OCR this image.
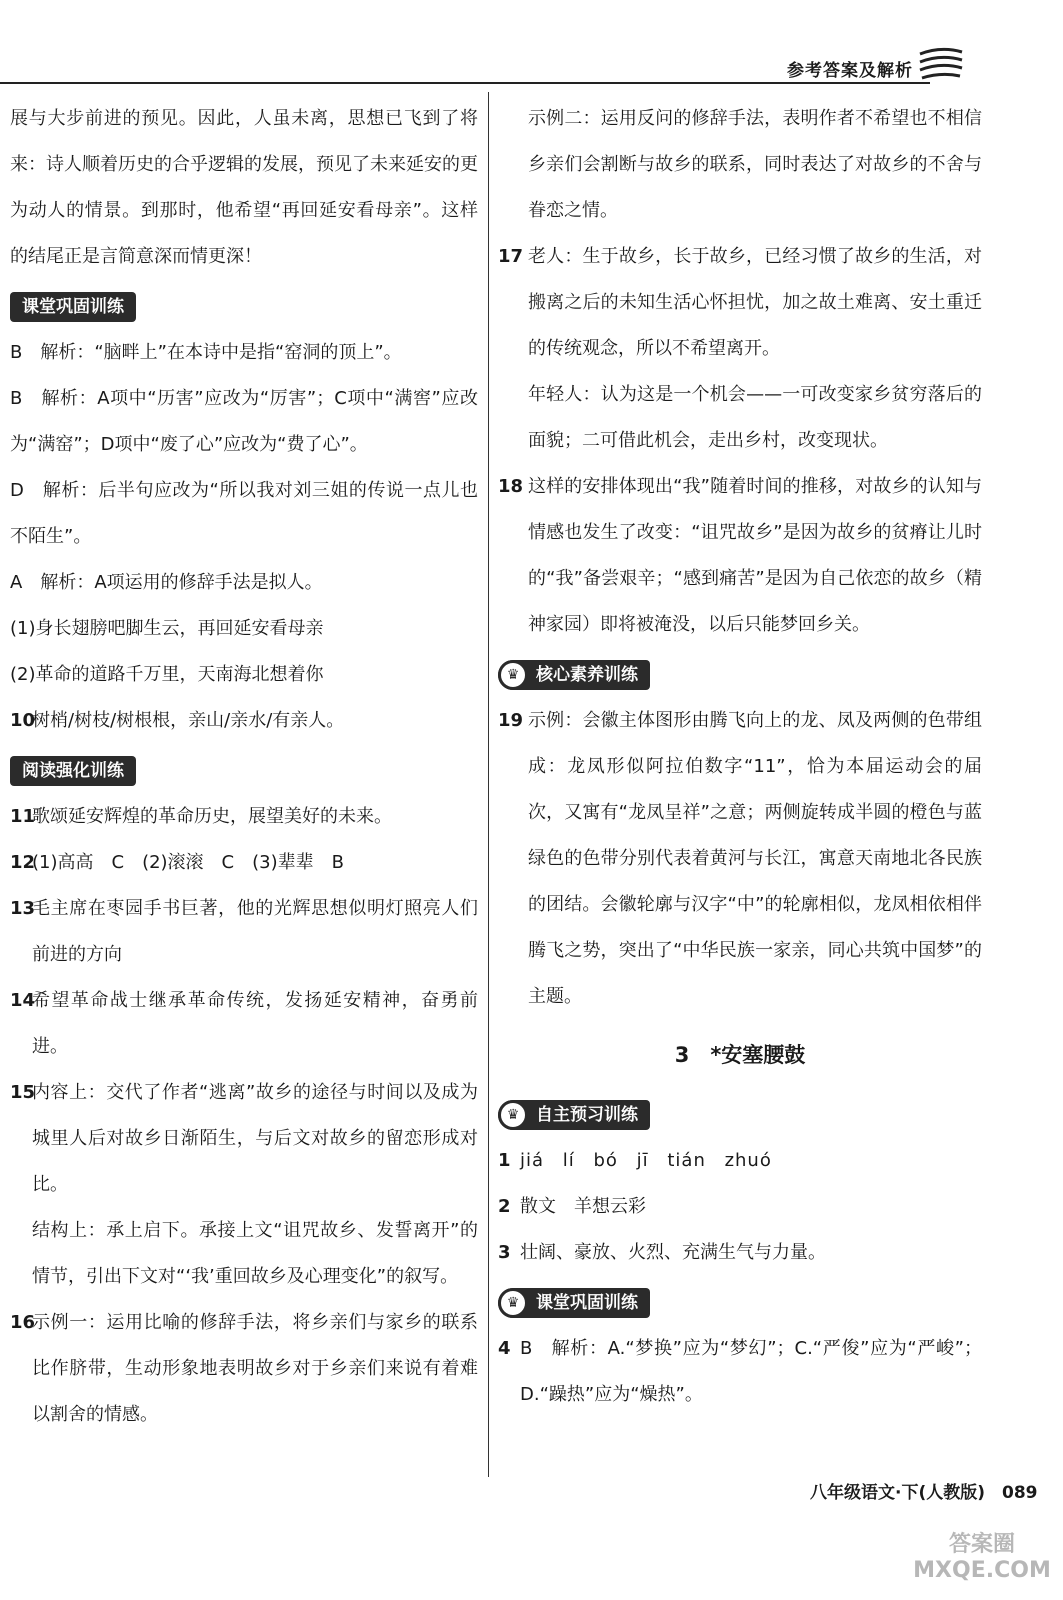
参考答案及解析

展与大步前进的预见。因此，人虽未离，思想已飞到了将来：诗人顺着历史的合乎逻辑的发展，预见了未来延安的更为动人的情景。到那时，他希望“再回延安看母亲”。这样的结尾正是言简意深而情更深！

课堂巩固训练

B　解析：“脑畔上”在本诗中是指“窑洞的顶上”。

B　解析：A项中“历害”应改为“厉害”；C项中“满窖”应改为“满窑”；D项中“废了心”应改为“费了心”。

D　解析：后半句应改为“所以我对刘三姐的传说一点儿也不陌生”。

A　解析：A项运用的修辞手法是拟人。

(1)身长翅膀吧脚生云，再回延安看母亲

(2)革命的道路千万里，天南海北想着你

10
树梢/树枝/树根根，亲山/亲水/有亲人。
阅读强化训练
11
歌颂延安辉煌的革命历史，展望美好的未来。
12
(1)高高　C　(2)滚滚　C　(3)辈辈　B
13
毛主席在枣园手书巨著，他的光辉思想似明灯照亮人们前进的方向
14
希望革命战士继承革命传统，发扬延安精神，奋勇前进。
15
内容上：交代了作者“逃离”故乡的途径与时间以及成为城里人后对故乡日渐陌生，与后文对故乡的留恋形成对比。

结构上：承上启下。承接上文“诅咒故乡、发誓离开”的情节，引出下文对“‘我’重回故乡及心理变化”的叙写。

16
示例一：运用比喻的修辞手法，将乡亲们与家乡的联系比作脐带，生动形象地表明故乡对于乡亲们来说有着难以割舍的情感。

示例二：运用反问的修辞手法，表明作者不希望也不相信乡亲们会割断与故乡的联系，同时表达了对故乡的不舍与眷恋之情。

17 老人：生于故乡，长于故乡，已经习惯了故乡的生活，对搬离之后的未知生活心怀担忧，加之故土难离、安土重迁的传统观念，所以不希望离开。

年轻人：认为这是一个机会——一可改变家乡贫穷落后的面貌；二可借此机会，走出乡村，改变现状。

18 这样的安排体现出“我”随着时间的推移，对故乡的认知与情感也发生了改变：“诅咒故乡”是因为故乡的贫瘠让儿时的“我”备尝艰辛；“感到痛苦”是因为自己依恋的故乡（精神家园）即将被淹没，以后只能梦回乡关。
♛ 核心素养训练
19 示例：会徽主体图形由腾飞向上的龙、凤及两侧的色带组成：龙凤形似阿拉伯数字“11”，恰为本届运动会的届次，又寓有“龙凤呈祥”之意；两侧旋转成半圆的橙色与蓝绿色的色带分别代表着黄河与长江，寓意天南地北各民族的团结。会徽轮廓与汉字“中”的轮廓相似，龙凤相依相伴腾飞之势，突出了“中华民族一家亲，同心共筑中国梦”的主题。
3　*安塞腰鼓
♛ 自主预习训练
1 jiá lí bó jī tián zhuó
2 散文　羊想云彩
3 壮阔、豪放、火烈、充满生气与力量。
♛ 课堂巩固训练
4 B　解析：A.“梦换”应为“梦幻”；C.“严俊”应为“严峻”；D.“躁热”应为“燥热”。
八年级语文·下(人教版)　089
答案圈 MXQE.COM
